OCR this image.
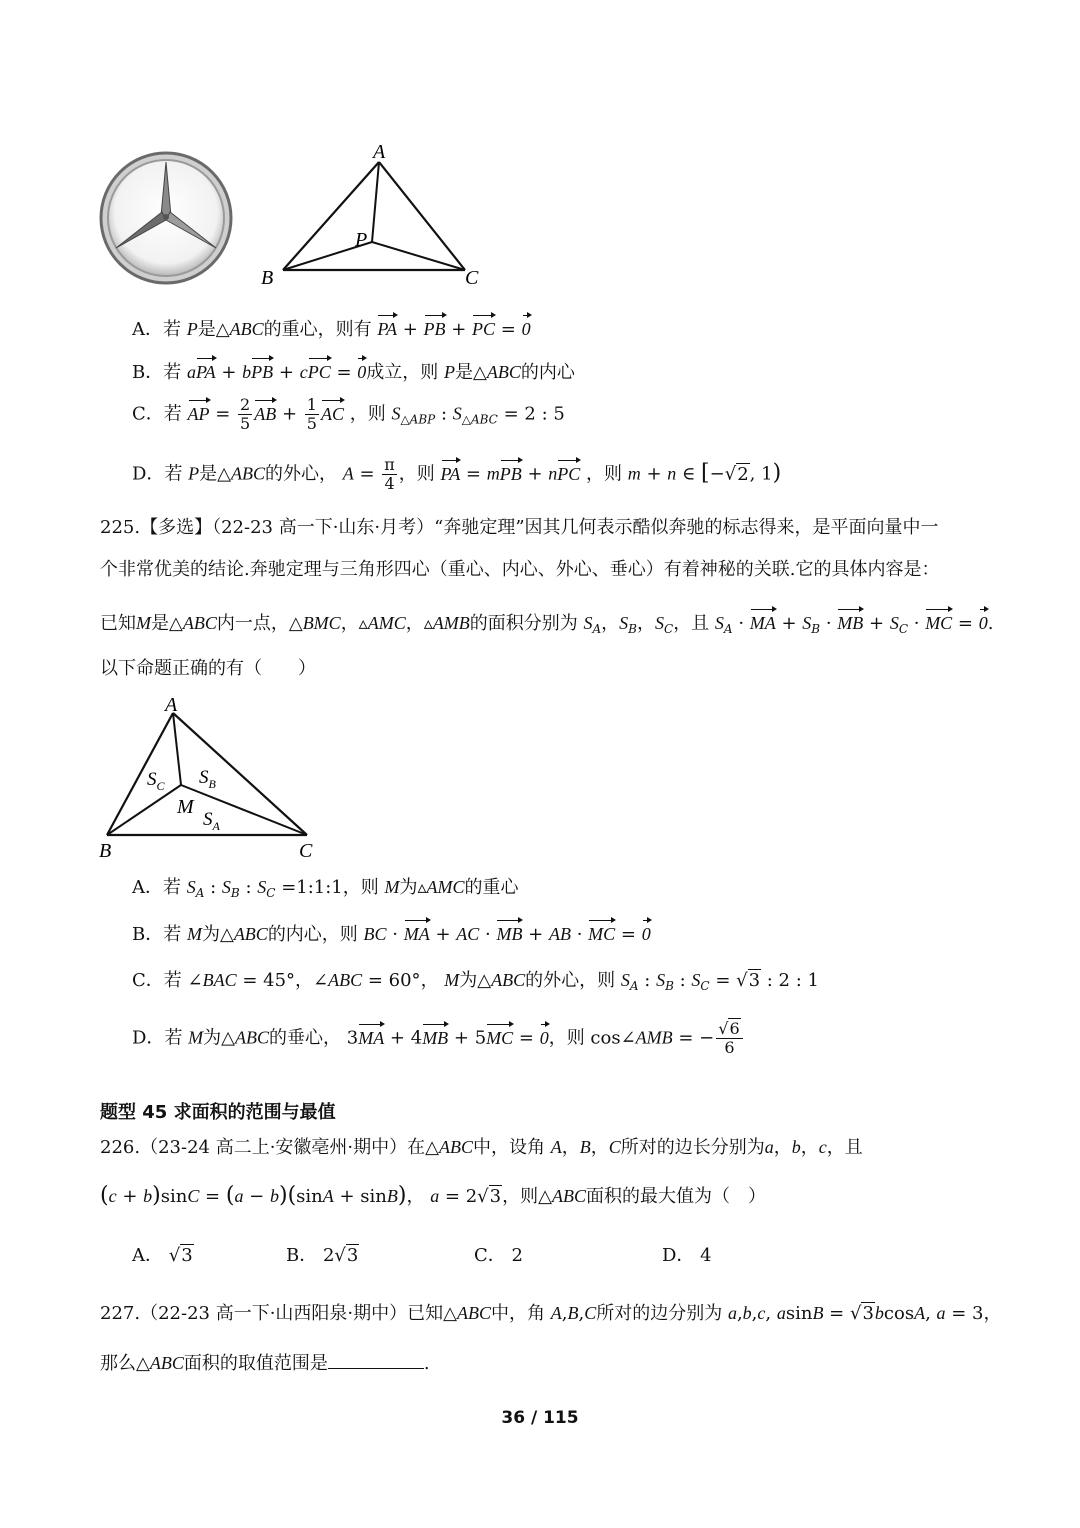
A
B	C
P
A．若 P是△ABC的重心，则有 PA + PB + PC = 0
B．若 aPA + bPB + cPC = 0成立，则 P是△ABC的内心
C．若 AP = $\frac{2}{5}$ AB + $\frac{1}{5}$ AC ，则 $S_{\triangle ABP}$ : $S_{\triangle ABC} = 2$ : 5
D．若 P是△ABC的外心， $A = \frac{\pi}{4}$ ，则 PA = mPB + nPC ，则 m + n ∈ [−√2, 1)
225.【多选】（22-23 高一下·山东·月考）“奔驰定理”因其几何表示酷似奔驰的标志得来，是平面向量中一
个非常优美的结论.奔驰定理与三角形四心（重心、内心、外心、垂心）有着神秘的关联.它的具体内容是：
已知M是△ABC内一点，△BMC，▵AMC，▵AMB的面积分别为 $S_A$，$S_B$，$S_C$，且 $S_A$ · MA + $S_B$ · MB + $S_C$ · MC = 0.
以下命题正确的有（　　）
A
B	C
M
$S_C$ $S_B$
$S_A$
A．若 $S_A$ : $S_B$ : $S_C$ =1:1:1，则 M为▵AMC的重心
B．若 M为△ABC的内心，则 BC · MA + AC · MB + AB · MC = 0
C．若 ∠BAC = 45°，∠ABC = 60°， M为△ABC的外心，则 $S_A$ : $S_B$ : $S_C = √3$ : 2 : 1
D．若 M为△ABC的垂心， 3MA + 4MB + 5MC = 0，则 cos∠AMB = − $\frac{√6}{6}$
题型 45 求面积的范围与最值
226.（23-24 高二上·安徽亳州·期中）在△ABC中，设角 A，B，C所对的边长分别为a，b，c，且
(c + b)sinC = (a − b)(sinA + sinB)， a = 2√3，则△ABC面积的最大值为（　）
A． √3	B． 2√3	C． 2	D． 4
227.（22-23 高一下·山西阳泉·期中）已知△ABC中，角 A,B,C所对的边分别为 a,b,c, asinB = √3bcosA, a = 3，
那么△ABC面积的取值范围是	.
36 / 115
